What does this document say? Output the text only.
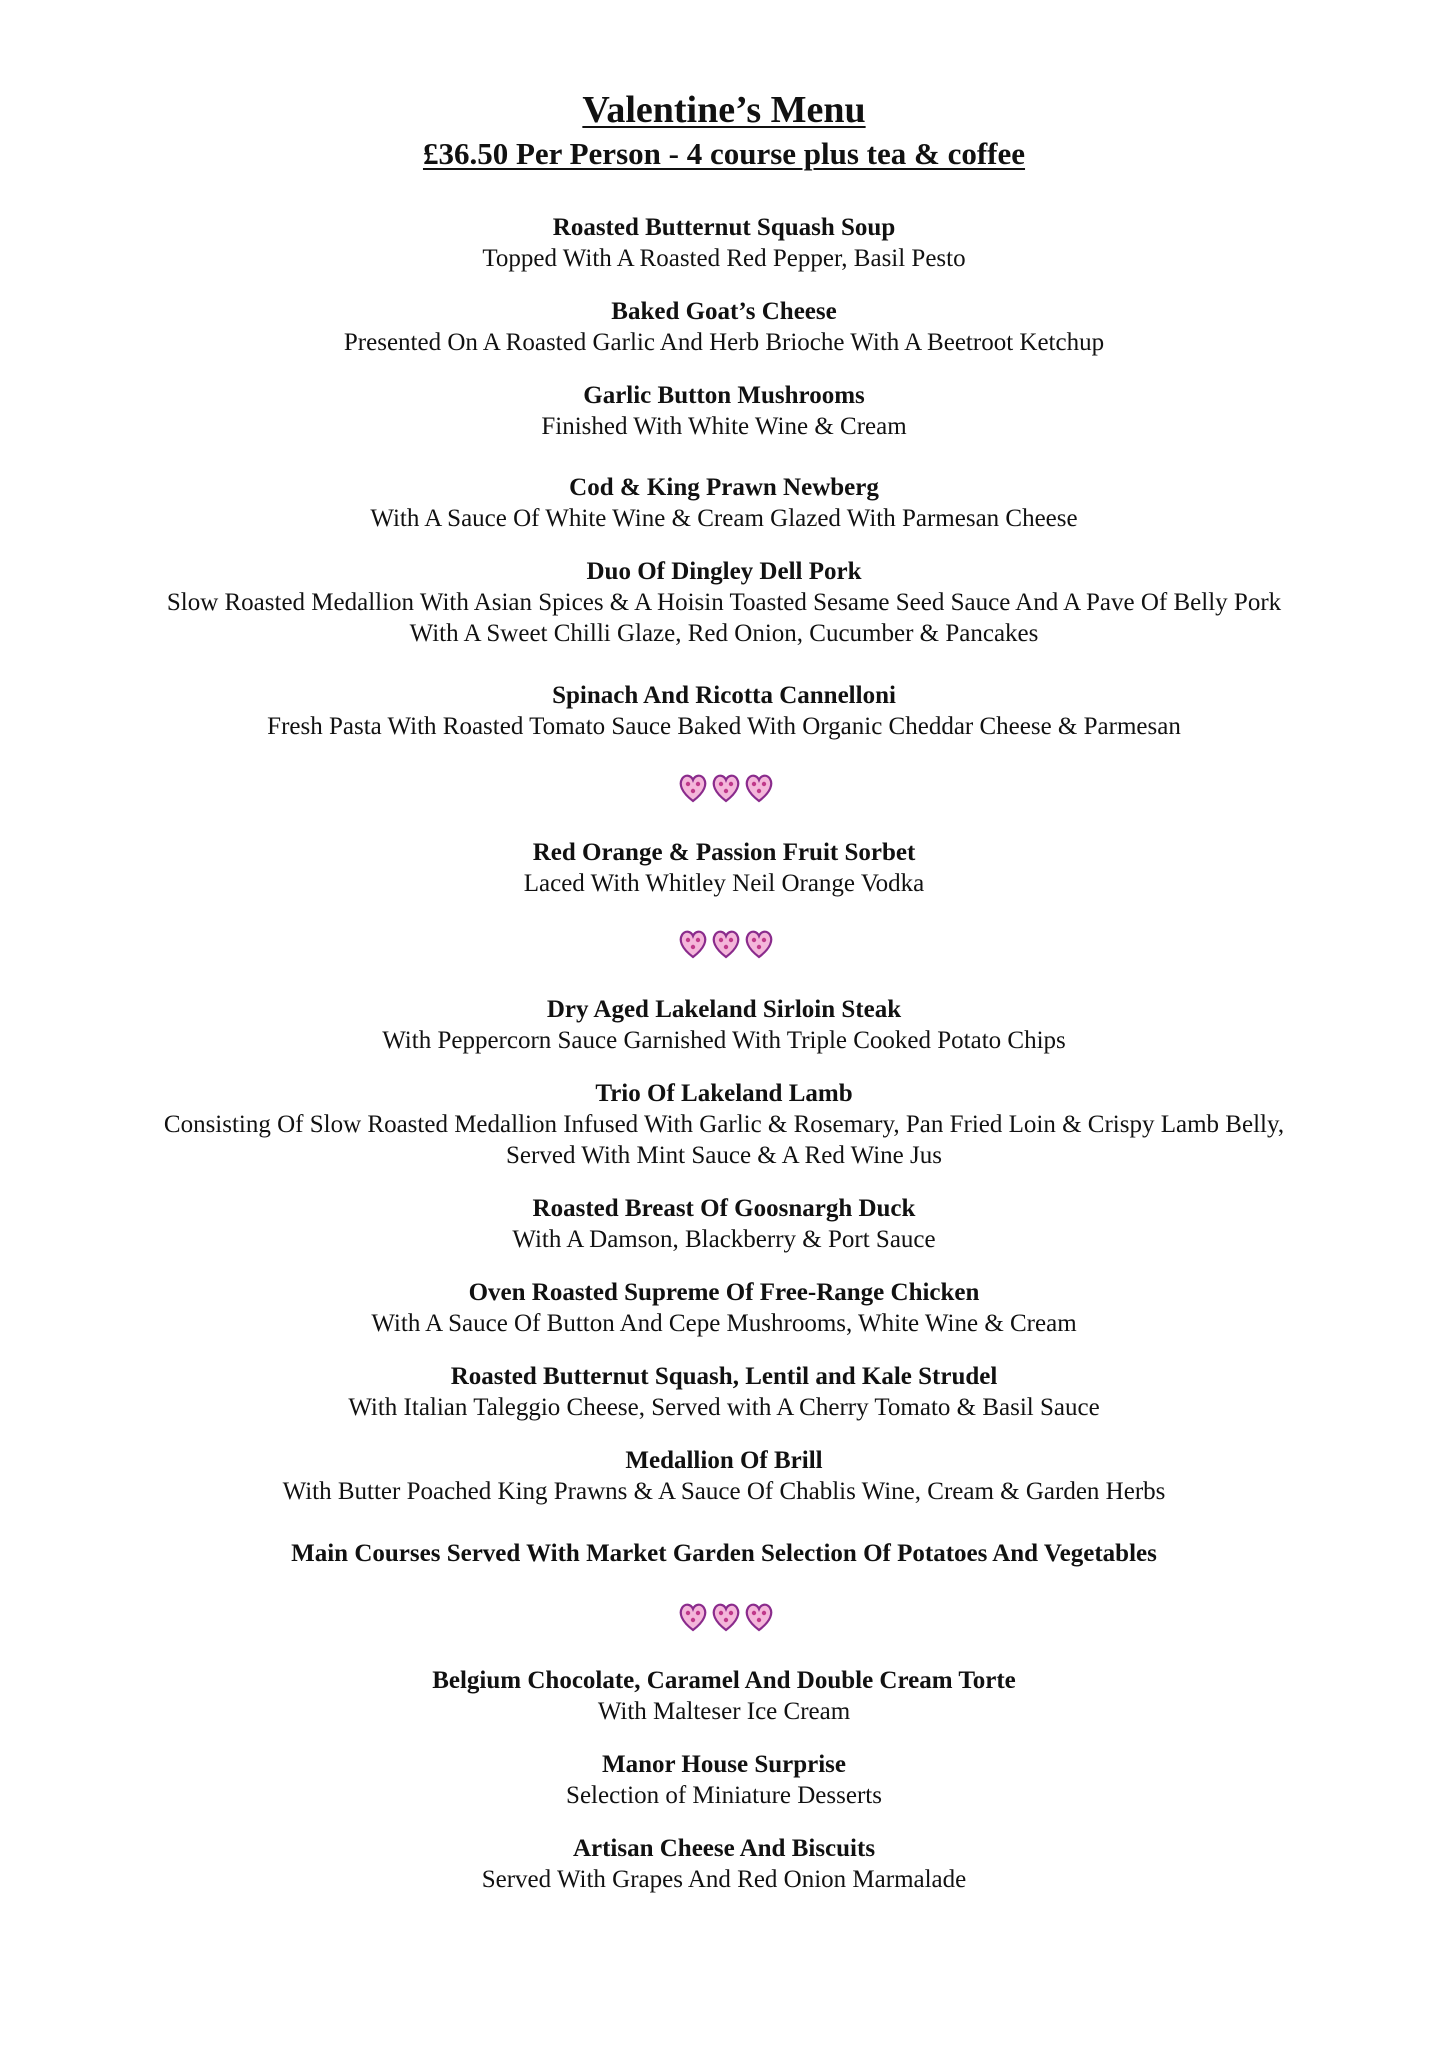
Valentine’s Menu
£36.50 Per Person - 4 course plus tea & coffee
Roasted Butternut Squash Soup
Topped With A Roasted Red Pepper, Basil Pesto
Baked Goat’s Cheese
Presented On A Roasted Garlic And Herb Brioche With A Beetroot Ketchup
Garlic Button Mushrooms
Finished With White Wine & Cream
Cod & King Prawn Newberg
With A Sauce Of White Wine & Cream Glazed With Parmesan Cheese
Duo Of Dingley Dell Pork
Slow Roasted Medallion With Asian Spices & A Hoisin Toasted Sesame Seed Sauce And A Pave Of Belly Pork
With A Sweet Chilli Glaze, Red Onion, Cucumber & Pancakes
Spinach And Ricotta Cannelloni
Fresh Pasta With Roasted Tomato Sauce Baked With Organic Cheddar Cheese & Parmesan
Red Orange & Passion Fruit Sorbet
Laced With Whitley Neil Orange Vodka
Dry Aged Lakeland Sirloin Steak
With Peppercorn Sauce Garnished With Triple Cooked Potato Chips
Trio Of Lakeland Lamb
Consisting Of Slow Roasted Medallion Infused With Garlic & Rosemary, Pan Fried Loin & Crispy Lamb Belly,
Served With Mint Sauce & A Red Wine Jus
Roasted Breast Of Goosnargh Duck
With A Damson, Blackberry & Port Sauce
Oven Roasted Supreme Of Free-Range Chicken
With A Sauce Of Button And Cepe Mushrooms, White Wine & Cream
Roasted Butternut Squash, Lentil and Kale Strudel
With Italian Taleggio Cheese, Served with A Cherry Tomato & Basil Sauce
Medallion Of Brill
With Butter Poached King Prawns & A Sauce Of Chablis Wine, Cream & Garden Herbs
Main Courses Served With Market Garden Selection Of Potatoes And Vegetables
Belgium Chocolate, Caramel And Double Cream Torte
With Malteser Ice Cream
Manor House Surprise
Selection of Miniature Desserts
Artisan Cheese And Biscuits
Served With Grapes And Red Onion Marmalade
